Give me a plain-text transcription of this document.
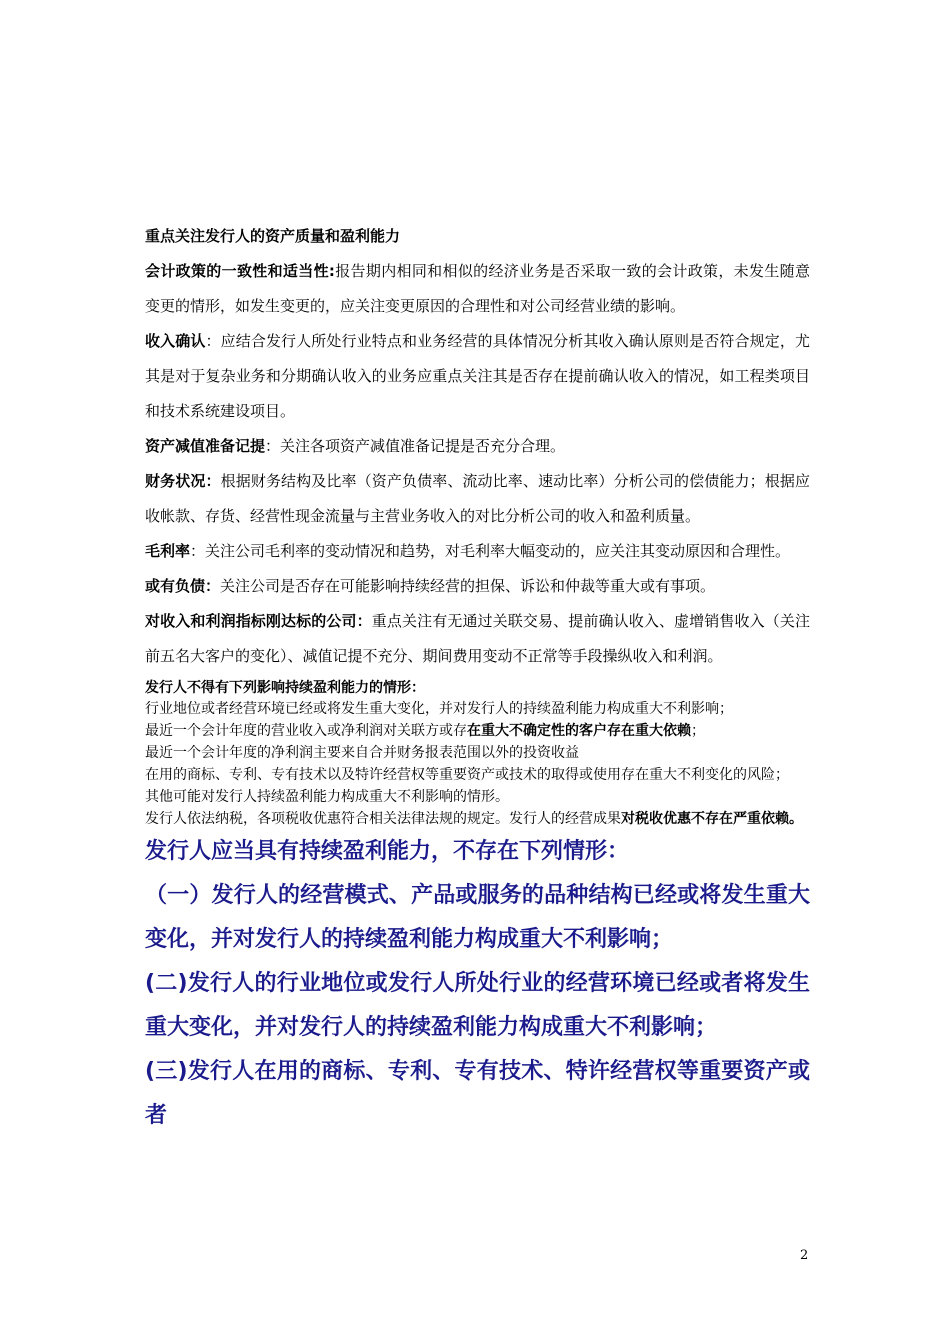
重点关注发行人的资产质量和盈利能力

会计政策的一致性和适当性:报告期内相同和相似的经济业务是否采取一致的会计政策，未发生随意变更的情形，如发生变更的，应关注变更原因的合理性和对公司经营业绩的影响。

收入确认：应结合发行人所处行业特点和业务经营的具体情况分析其收入确认原则是否符合规定，尤其是对于复杂业务和分期确认收入的业务应重点关注其是否存在提前确认收入的情况，如工程类项目和技术系统建设项目。

资产减值准备记提：关注各项资产减值准备记提是否充分合理。

财务状况：根据财务结构及比率（资产负债率、流动比率、速动比率）分析公司的偿债能力；根据应收帐款、存货、经营性现金流量与主营业务收入的对比分析公司的收入和盈利质量。

毛利率：关注公司毛利率的变动情况和趋势，对毛利率大幅变动的，应关注其变动原因和合理性。

或有负债：关注公司是否存在可能影响持续经营的担保、诉讼和仲裁等重大或有事项。

对收入和利润指标刚达标的公司：重点关注有无通过关联交易、提前确认收入、虚增销售收入（关注前五名大客户的变化）、减值记提不充分、期间费用变动不正常等手段操纵收入和利润。

发行人不得有下列影响持续盈利能力的情形：

行业地位或者经营环境已经或将发生重大变化，并对发行人的持续盈利能力构成重大不利影响；

最近一个会计年度的营业收入或净利润对关联方或存在重大不确定性的客户存在重大依赖；

最近一个会计年度的净利润主要来自合并财务报表范围以外的投资收益

在用的商标、专利、专有技术以及特许经营权等重要资产或技术的取得或使用存在重大不利变化的风险；

其他可能对发行人持续盈利能力构成重大不利影响的情形。

发行人依法纳税，各项税收优惠符合相关法律法规的规定。发行人的经营成果对税收优惠不存在严重依赖。

发行人应当具有持续盈利能力，不存在下列情形：

（一）发行人的经营模式、产品或服务的品种结构已经或将发生重大变化，并对发行人的持续盈利能力构成重大不利影响；

(二)发行人的行业地位或发行人所处行业的经营环境已经或者将发生重大变化，并对发行人的持续盈利能力构成重大不利影响；

(三)发行人在用的商标、专利、专有技术、特许经营权等重要资产或者

2
